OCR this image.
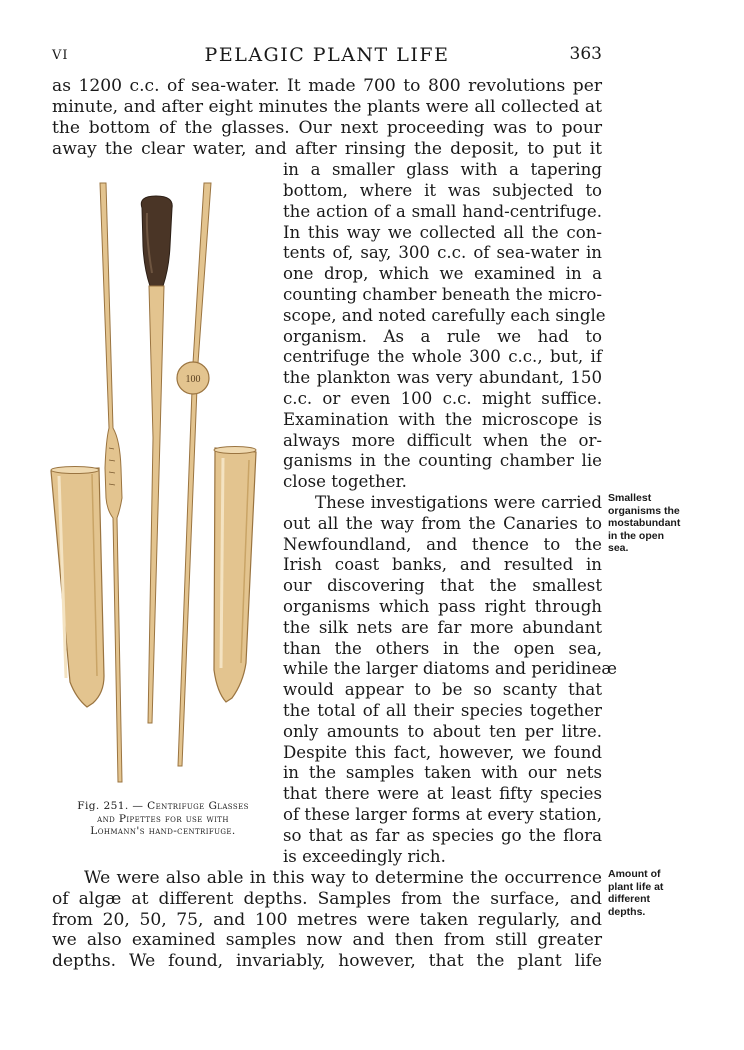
VI	PELAGIC PLANT LIFE	363
as 1200 c.c. of sea-water. It made 700 to 800 revolutions per
minute, and after eight minutes the plants were all collected at
the bottom of the glasses. Our next proceeding was to pour
away the clear water, and after rinsing the deposit, to put it
in a smaller glass with a tapering
bottom, where it was subjected to
the action of a small hand-centrifuge.
In this way we collected all the con-
tents of, say, 300 c.c. of sea-water in
one drop, which we examined in a
counting chamber beneath the micro-
scope, and noted carefully each single
organism. As a rule we had to
centrifuge the whole 300 c.c., but, if
the plankton was very abundant, 150
c.c. or even 100 c.c. might suffice.
Examination with the microscope is
always more difficult when the or-
ganisms in the counting chamber lie
close together.
These investigations were carried
out all the way from the Canaries to
Newfoundland, and thence to the
Irish coast banks, and resulted in
our discovering that the smallest
organisms which pass right through
the silk nets are far more abundant
than the others in the open sea,
while the larger diatoms and peridineæ
would appear to be so scanty that
the total of all their species together
only amounts to about ten per litre.
Despite this fact, however, we found
in the samples taken with our nets
that there were at least fifty species
of these larger forms at every station,
so that as far as species go the flora
is exceedingly rich.
We were also able in this way to determine the occurrence
of algæ at different depths. Samples from the surface, and
from 20, 50, 75, and 100 metres were taken regularly, and
we also examined samples now and then from still greater
depths. We found, invariably, however, that the plant life
100
Fig. 251. — Centrifuge Glasses
and Pipettes for use with
Lohmann's hand-centrifuge.
Smallest
organisms the
mostabundant
in the open
sea.
Amount of
plant life at
different
depths.
